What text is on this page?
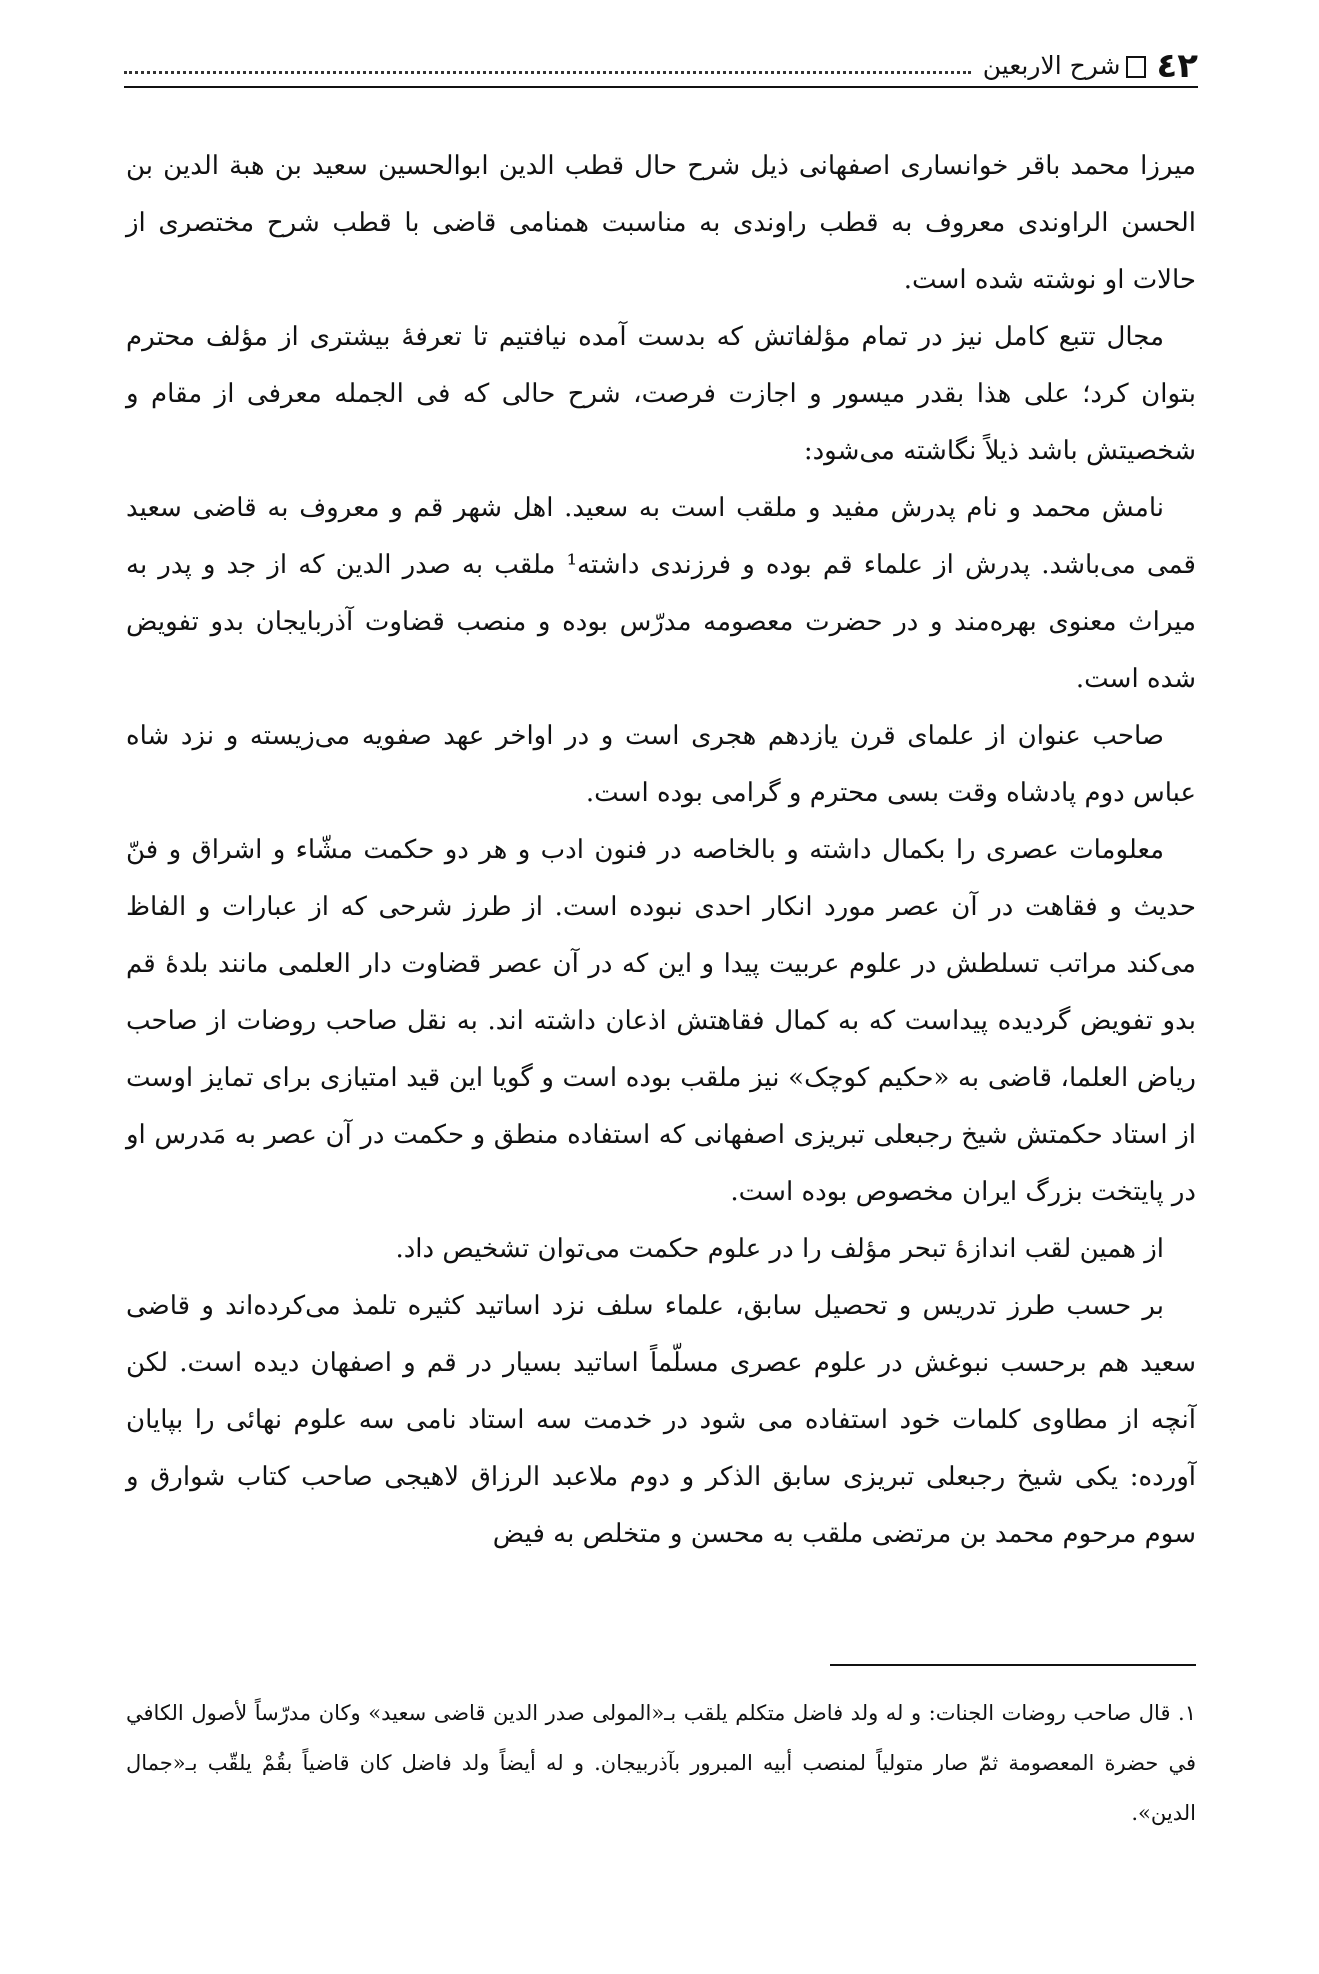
٤٢
شرح الاربعین

میرزا محمد باقر خوانساری اصفهانی ذیل شرح حال قطب الدین ابوالحسین سعید بن هبة الدین بن الحسن الراوندی معروف به قطب راوندی به مناسبت همنامی قاضی با قطب شرح مختصری از حالات او نوشته شده است.

مجال تتبع کامل نیز در تمام مؤلفاتش که بدست آمده نیافتیم تا تعرفهٔ بیشتری از مؤلف محترم بتوان کرد؛ علی هذا بقدر میسور و اجازت فرصت، شرح حالی که فی الجمله معرفی از مقام و شخصیتش باشد ذیلاً نگاشته می‌شود:

نامش محمد و نام پدرش مفید و ملقب است به سعید. اهل شهر قم و معروف به قاضی سعید قمی می‌باشد. پدرش از علماء قم بوده و فرزندی داشته¹ ملقب به صدر الدین که از جد و پدر به میراث معنوی بهره‌مند و در حضرت معصومه مدرّس بوده و منصب قضاوت آذربایجان بدو تفویض شده است.

صاحب عنوان از علمای قرن یازدهم هجری است و در اواخر عهد صفویه می‌زیسته و نزد شاه عباس دوم پادشاه وقت بسی محترم و گرامی بوده است.

معلومات عصری را بکمال داشته و بالخاصه در فنون ادب و هر دو حکمت مشّاء و اشراق و فنّ حدیث و فقاهت در آن عصر مورد انکار احدی نبوده است. از طرز شرحی که از عبارات و الفاظ می‌کند مراتب تسلطش در علوم عربیت پیدا و این که در آن عصر قضاوت دار العلمی مانند بلدهٔ قم بدو تفویض گردیده پیداست که به کمال فقاهتش اذعان داشته اند. به نقل صاحب روضات از صاحب ریاض العلما، قاضی به «حکیم کوچک» نیز ملقب بوده است و گویا این قید امتیازی برای تمایز اوست از استاد حکمتش شیخ رجبعلی تبریزی اصفهانی که استفاده منطق و حکمت در آن عصر به مَدرس او در پایتخت بزرگ ایران مخصوص بوده است.

از همین لقب اندازهٔ تبحر مؤلف را در علوم حکمت می‌توان تشخیص داد.

بر حسب طرز تدریس و تحصیل سابق، علماء سلف نزد اساتید کثیره تلمذ می‌کرده‌اند و قاضی سعید هم برحسب نبوغش در علوم عصری مسلّماً اساتید بسیار در قم و اصفهان دیده است. لکن آنچه از مطاوی کلمات خود استفاده می شود در خدمت سه استاد نامی سه علوم نهائی را بپایان آورده: یکی شیخ رجبعلی تبریزی سابق الذکر و دوم ملاعبد الرزاق لاهیجی صاحب کتاب شوارق و سوم مرحوم محمد بن مرتضی ملقب به محسن و متخلص به فیض

١. قال صاحب روضات الجنات: و له ولد فاضل متکلم یلقب بـ«المولی صدر الدین قاضی سعید» وکان مدرّساً لأصول الکافي في حضرة المعصومة ثمّ صار متولیاً لمنصب أبیه المبرور بآذربیجان. و له أیضاً ولد فاضل کان قاضیاً بقُمْ یلقّب بـ«جمال الدین».
